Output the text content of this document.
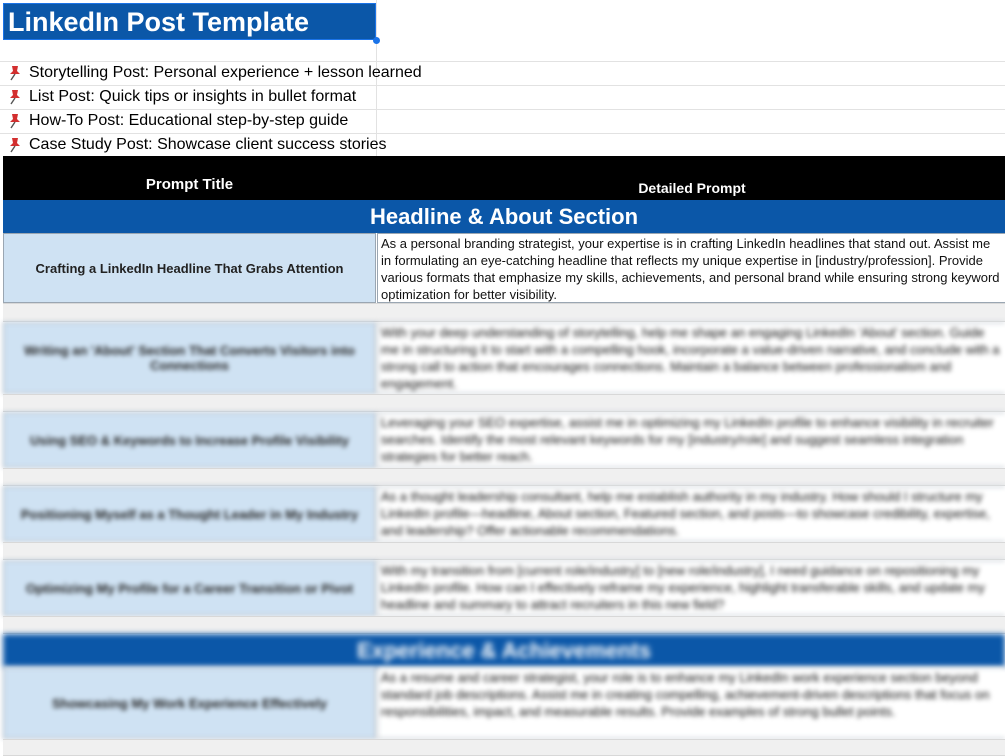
LinkedIn Post Template
Storytelling Post: Personal experience + lesson learned
List Post: Quick tips or insights in bullet format
How-To Post: Educational step-by-step guide
Case Study Post: Showcase client success stories
Prompt Title	Detailed Prompt
Headline & About Section
Crafting a LinkedIn Headline That Grabs Attention
As a personal branding strategist, your expertise is in crafting LinkedIn headlines that stand out. Assist me in formulating an eye-catching headline that reflects my unique expertise in [industry/profession]. Provide various formats that emphasize my skills, achievements, and personal brand while ensuring strong keyword optimization for better visibility.
Writing an 'About' Section That Converts Visitors into Connections
With your deep understanding of storytelling, help me shape an engaging LinkedIn 'About' section. Guide me in structuring it to start with a compelling hook, incorporate a value-driven narrative, and conclude with a strong call to action that encourages connections. Maintain a balance between professionalism and engagement.
Using SEO & Keywords to Increase Profile Visibility
Leveraging your SEO expertise, assist me in optimizing my LinkedIn profile to enhance visibility in recruiter searches. Identify the most relevant keywords for my [industry/role] and suggest seamless integration strategies for better reach.
Positioning Myself as a Thought Leader in My Industry
As a thought leadership consultant, help me establish authority in my industry. How should I structure my LinkedIn profile—headline, About section, Featured section, and posts—to showcase credibility, expertise, and leadership? Offer actionable recommendations.
Optimizing My Profile for a Career Transition or Pivot
With my transition from [current role/industry] to [new role/industry], I need guidance on repositioning my LinkedIn profile. How can I effectively reframe my experience, highlight transferable skills, and update my headline and summary to attract recruiters in this new field?
Experience & Achievements
Showcasing My Work Experience Effectively
As a resume and career strategist, your role is to enhance my LinkedIn work experience section beyond standard job descriptions. Assist me in creating compelling, achievement-driven descriptions that focus on responsibilities, impact, and measurable results. Provide examples of strong bullet points.
